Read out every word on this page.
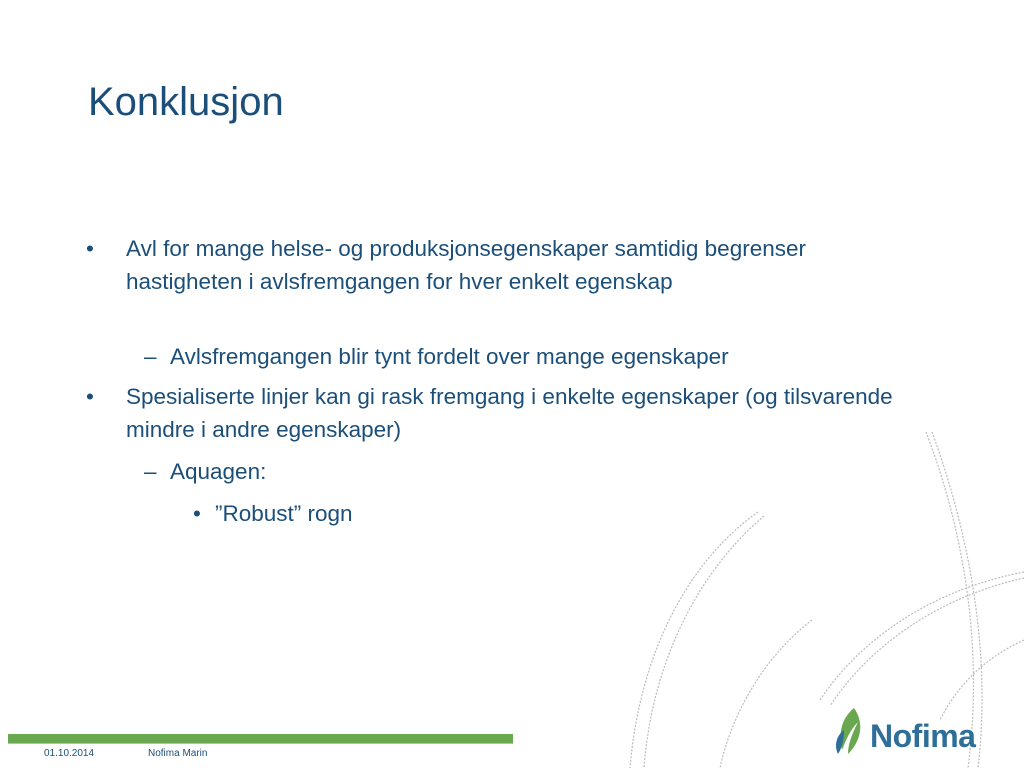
Konklusjon
• Avl for mange helse- og produksjonsegenskaper samtidig begrenser hastigheten i avlsfremgangen for hver enkelt egenskap
– Avlsfremgangen blir tynt fordelt over mange egenskaper
• Spesialiserte linjer kan gi rask fremgang i enkelte egenskaper (og tilsvarende mindre i andre egenskaper)
– Aquagen:
• ”Robust” rogn
01.10.2014	Nofima Marin	Nofima
